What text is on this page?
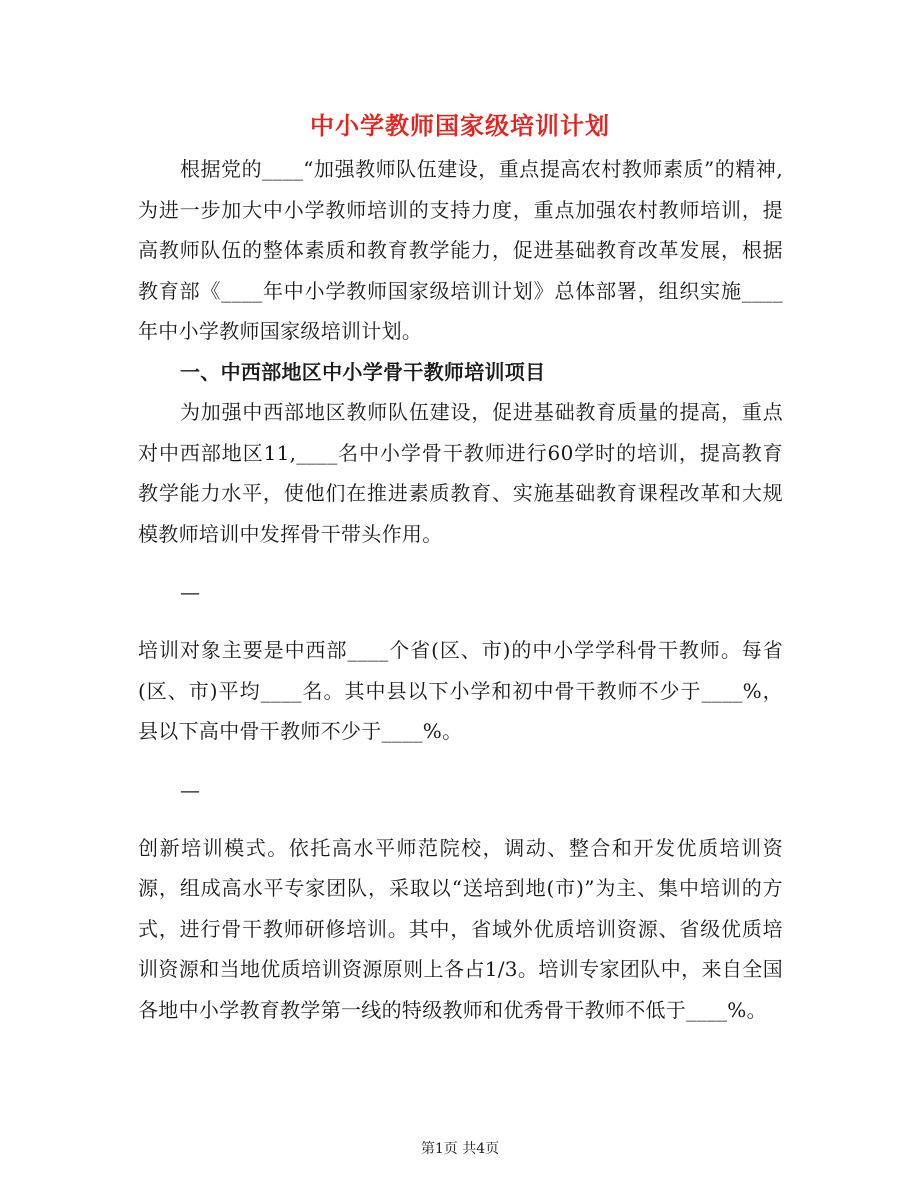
中小学教师国家级培训计划

根据党的____“加强教师队伍建设，重点提高农村教师素质”的精神,为进一步加大中小学教师培训的支持力度，重点加强农村教师培训，提高教师队伍的整体素质和教育教学能力，促进基础教育改革发展，根据教育部《____年中小学教师国家级培训计划》总体部署，组织实施____年中小学教师国家级培训计划。

一、中西部地区中小学骨干教师培训项目

为加强中西部地区教师队伍建设，促进基础教育质量的提高，重点对中西部地区11,____名中小学骨干教师进行60学时的培训，提高教育教学能力水平，使他们在推进素质教育、实施基础教育课程改革和大规模教师培训中发挥骨干带头作用。

—

培训对象主要是中西部____个省(区、市)的中小学学科骨干教师。每省(区、市)平均____名。其中县以下小学和初中骨干教师不少于____%，县以下高中骨干教师不少于____%。

—

创新培训模式。依托高水平师范院校，调动、整合和开发优质培训资源，组成高水平专家团队，采取以“送培到地(市)”为主、集中培训的方式，进行骨干教师研修培训。其中，省域外优质培训资源、省级优质培训资源和当地优质培训资源原则上各占1/3。培训专家团队中，来自全国各地中小学教育教学第一线的特级教师和优秀骨干教师不低于____%。

第1页 共4页
